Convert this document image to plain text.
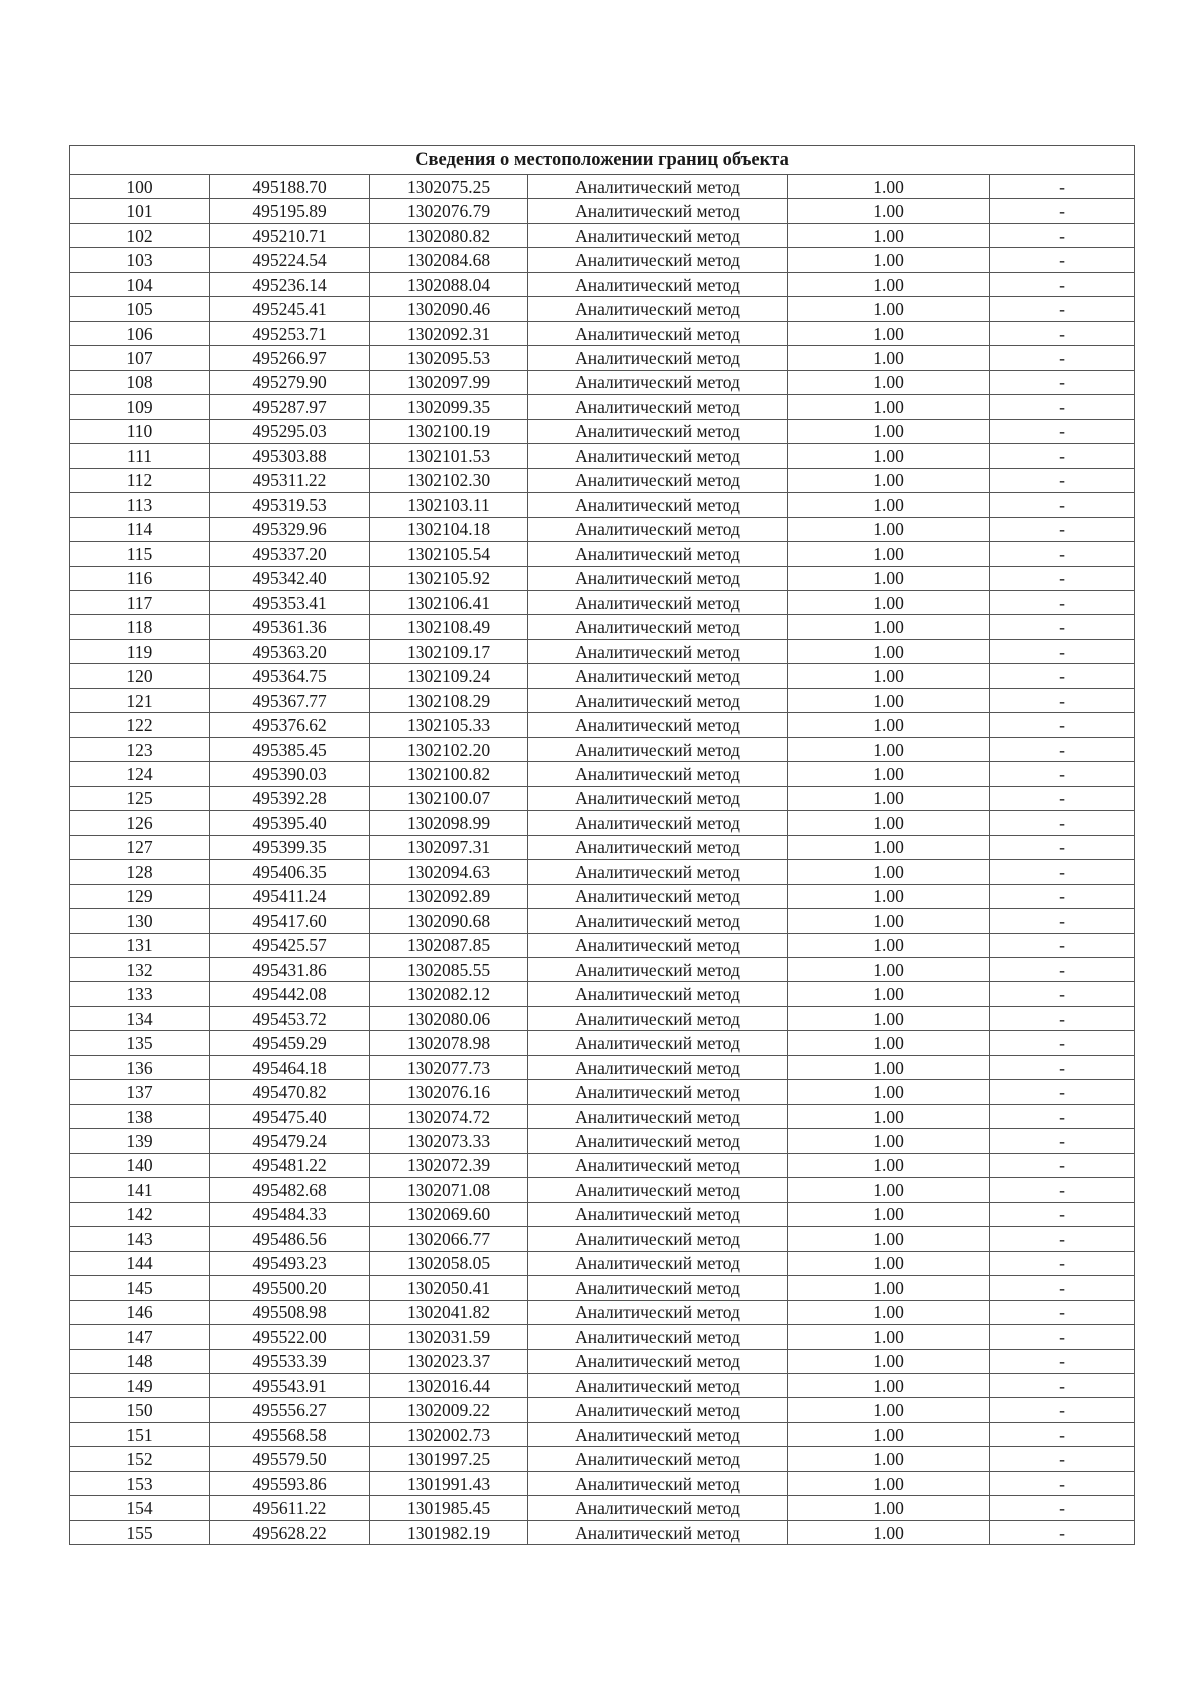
Сведения о местоположении границ объекта					
100	495188.70	1302075.25	Аналитический метод	1.00	-
101	495195.89	1302076.79	Аналитический метод	1.00	-
102	495210.71	1302080.82	Аналитический метод	1.00	-
103	495224.54	1302084.68	Аналитический метод	1.00	-
104	495236.14	1302088.04	Аналитический метод	1.00	-
105	495245.41	1302090.46	Аналитический метод	1.00	-
106	495253.71	1302092.31	Аналитический метод	1.00	-
107	495266.97	1302095.53	Аналитический метод	1.00	-
108	495279.90	1302097.99	Аналитический метод	1.00	-
109	495287.97	1302099.35	Аналитический метод	1.00	-
110	495295.03	1302100.19	Аналитический метод	1.00	-
111	495303.88	1302101.53	Аналитический метод	1.00	-
112	495311.22	1302102.30	Аналитический метод	1.00	-
113	495319.53	1302103.11	Аналитический метод	1.00	-
114	495329.96	1302104.18	Аналитический метод	1.00	-
115	495337.20	1302105.54	Аналитический метод	1.00	-
116	495342.40	1302105.92	Аналитический метод	1.00	-
117	495353.41	1302106.41	Аналитический метод	1.00	-
118	495361.36	1302108.49	Аналитический метод	1.00	-
119	495363.20	1302109.17	Аналитический метод	1.00	-
120	495364.75	1302109.24	Аналитический метод	1.00	-
121	495367.77	1302108.29	Аналитический метод	1.00	-
122	495376.62	1302105.33	Аналитический метод	1.00	-
123	495385.45	1302102.20	Аналитический метод	1.00	-
124	495390.03	1302100.82	Аналитический метод	1.00	-
125	495392.28	1302100.07	Аналитический метод	1.00	-
126	495395.40	1302098.99	Аналитический метод	1.00	-
127	495399.35	1302097.31	Аналитический метод	1.00	-
128	495406.35	1302094.63	Аналитический метод	1.00	-
129	495411.24	1302092.89	Аналитический метод	1.00	-
130	495417.60	1302090.68	Аналитический метод	1.00	-
131	495425.57	1302087.85	Аналитический метод	1.00	-
132	495431.86	1302085.55	Аналитический метод	1.00	-
133	495442.08	1302082.12	Аналитический метод	1.00	-
134	495453.72	1302080.06	Аналитический метод	1.00	-
135	495459.29	1302078.98	Аналитический метод	1.00	-
136	495464.18	1302077.73	Аналитический метод	1.00	-
137	495470.82	1302076.16	Аналитический метод	1.00	-
138	495475.40	1302074.72	Аналитический метод	1.00	-
139	495479.24	1302073.33	Аналитический метод	1.00	-
140	495481.22	1302072.39	Аналитический метод	1.00	-
141	495482.68	1302071.08	Аналитический метод	1.00	-
142	495484.33	1302069.60	Аналитический метод	1.00	-
143	495486.56	1302066.77	Аналитический метод	1.00	-
144	495493.23	1302058.05	Аналитический метод	1.00	-
145	495500.20	1302050.41	Аналитический метод	1.00	-
146	495508.98	1302041.82	Аналитический метод	1.00	-
147	495522.00	1302031.59	Аналитический метод	1.00	-
148	495533.39	1302023.37	Аналитический метод	1.00	-
149	495543.91	1302016.44	Аналитический метод	1.00	-
150	495556.27	1302009.22	Аналитический метод	1.00	-
151	495568.58	1302002.73	Аналитический метод	1.00	-
152	495579.50	1301997.25	Аналитический метод	1.00	-
153	495593.86	1301991.43	Аналитический метод	1.00	-
154	495611.22	1301985.45	Аналитический метод	1.00	-
155	495628.22	1301982.19	Аналитический метод	1.00	-
